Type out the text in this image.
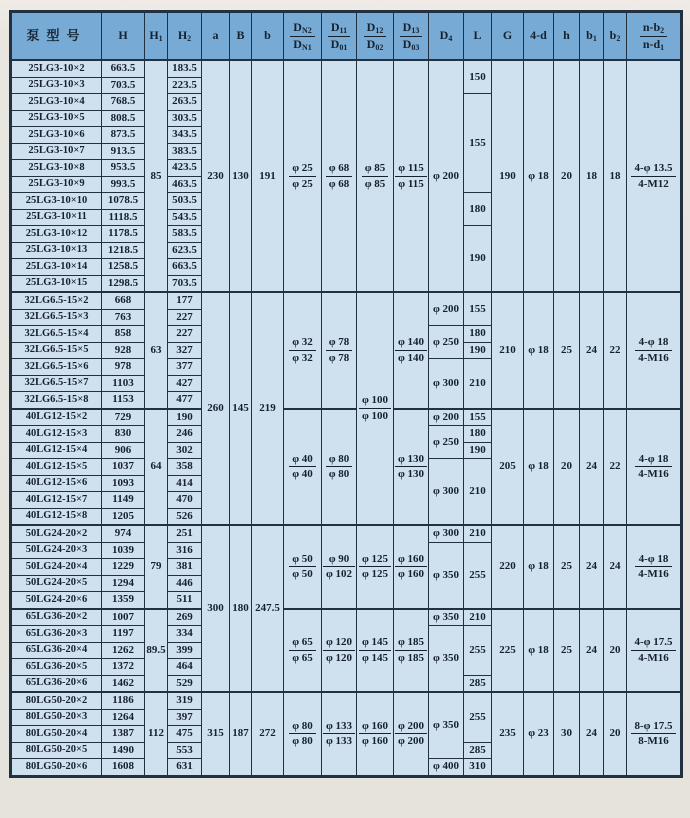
泵型号	H	$H_1$	$H_2$	a	B	b	$\frac{D_{N2}}{D_{N1}}$	$\frac{D_{11}}{D_{01}}$	$\frac{D_{12}}{D_{02}}$	$\frac{D_{13}}{D_{03}}$	$D_4$	L	G	4-d	h	$b_1$	$b_2$	$\frac{n-b_2}{n-d_1}$

25LG3-10×2	663.5	85	183.5	230	130	191	$\frac{\varphi 25}{\varphi 25}$	$\frac{\varphi 68}{\varphi 68}$	$\frac{\varphi 85}{\varphi 85}$	$\frac{\varphi 115}{\varphi 115}$	φ 200	150	190	φ 18	20	18	18	$\frac{4-\varphi 13.5}{4-M12}$

25LG3-10×3	703.5		223.5															
25LG3-10×4	768.5		263.5									155						
25LG3-10×5	808.5		303.5															
25LG3-10×6	873.5		343.5															
25LG3-10×7	913.5		383.5															
25LG3-10×8	953.5		423.5															
25LG3-10×9	993.5		463.5															
25LG3-10×10	1078.5		503.5									180						
25LG3-10×11	1118.5		543.5															
25LG3-10×12	1178.5		583.5									190						
25LG3-10×13	1218.5		623.5															
25LG3-10×14	1258.5		663.5															
25LG3-10×15	1298.5		703.5															
32LG6.5-15×2	668	63	177	260	145	219	$\frac{\varphi 32}{\varphi 32}$	$\frac{\varphi 78}{\varphi 78}$	$\frac{\varphi 100}{\varphi 100}$	$\frac{\varphi 140}{\varphi 140}$	φ 200	155	210	φ 18	25	24	22	$\frac{4-\varphi 18}{4-M16}$

32LG6.5-15×3	763		227															
32LG6.5-15×4	858		227								φ 250	180						
32LG6.5-15×5	928		327									190						
32LG6.5-15×6	978		377								φ 300	210						
32LG6.5-15×7	1103		427															
32LG6.5-15×8	1153		477															
40LG12-15×2	729	64	190				$\frac{\varphi 40}{\varphi 40}$	$\frac{\varphi 80}{\varphi 80}$		$\frac{\varphi 130}{\varphi 130}$	φ 200	155	205	φ 18	20	24	22	$\frac{4-\varphi 18}{4-M16}$

40LG12-15×3	830		246								φ 250	180						
40LG12-15×4	906		302									190						
40LG12-15×5	1037		358								φ 300	210						
40LG12-15×6	1093		414															
40LG12-15×7	1149		470															
40LG12-15×8	1205		526															
50LG24-20×2	974	79	251	300	180	247.5	$\frac{\varphi 50}{\varphi 50}$	$\frac{\varphi 90}{\varphi 102}$	$\frac{\varphi 125}{\varphi 125}$	$\frac{\varphi 160}{\varphi 160}$	φ 300	210	220	φ 18	25	24	24	$\frac{4-\varphi 18}{4-M16}$

50LG24-20×3	1039		316								φ 350	255						
50LG24-20×4	1229		381															
50LG24-20×5	1294		446															
50LG24-20×6	1359		511															
65LG36-20×2	1007	89.5	269				$\frac{\varphi 65}{\varphi 65}$	$\frac{\varphi 120}{\varphi 120}$	$\frac{\varphi 145}{\varphi 145}$	$\frac{\varphi 185}{\varphi 185}$	φ 350	210	225	φ 18	25	24	20	$\frac{4-\varphi 17.5}{4-M16}$

65LG36-20×3	1197		334								φ 350	255						
65LG36-20×4	1262		399															
65LG36-20×5	1372		464															
65LG36-20×6	1462		529									285						
80LG50-20×2	1186	112	319	315	187	272	$\frac{\varphi 80}{\varphi 80}$	$\frac{\varphi 133}{\varphi 133}$	$\frac{\varphi 160}{\varphi 160}$	$\frac{\varphi 200}{\varphi 200}$	φ 350	255	235	φ 23	30	24	20	$\frac{8-\varphi 17.5}{8-M16}$

80LG50-20×3	1264		397															
80LG50-20×4	1387		475															
80LG50-20×5	1490		553									285						
80LG50-20×6	1608		631								φ 400	310						
